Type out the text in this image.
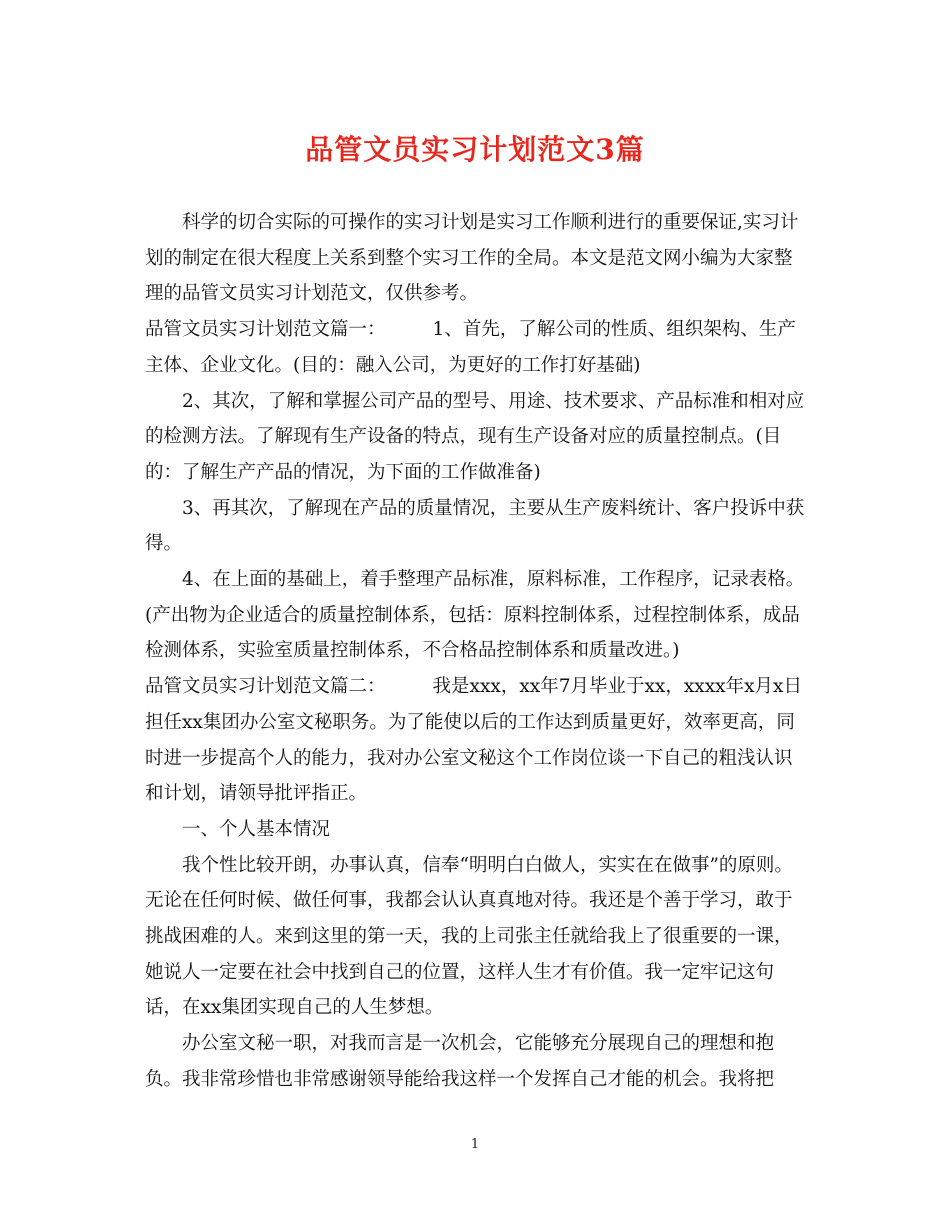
品管文员实习计划范文3篇

科学的切合实际的可操作的实习计划是实习工作顺利进行的重要保证,实习计划的制定在很大程度上关系到整个实习工作的全局。本文是范文网小编为大家整理的品管文员实习计划范文，仅供参考。

品管文员实习计划范文篇一：        1、首先，了解公司的性质、组织架构、生产主体、企业文化。(目的：融入公司，为更好的工作打好基础)

2、其次，了解和掌握公司产品的型号、用途、技术要求、产品标准和相对应的检测方法。了解现有生产设备的特点，现有生产设备对应的质量控制点。(目的：了解生产产品的情况，为下面的工作做准备)

3、再其次，了解现在产品的质量情况，主要从生产废料统计、客户投诉中获得。

4、在上面的基础上，着手整理产品标准，原料标准，工作程序，记录表格。(产出物为企业适合的质量控制体系，包括：原料控制体系，过程控制体系，成品检测体系，实验室质量控制体系，不合格品控制体系和质量改进。)

品管文员实习计划范文篇二：        我是xxx，xx年7月毕业于xx，xxxx年x月x日担任xx集团办公室文秘职务。为了能使以后的工作达到质量更好，效率更高，同时进一步提高个人的能力，我对办公室文秘这个工作岗位谈一下自己的粗浅认识和计划，请领导批评指正。

一、个人基本情况

我个性比较开朗，办事认真，信奉“明明白白做人，实实在在做事”的原则。无论在任何时候、做任何事，我都会认认真真地对待。我还是个善于学习，敢于挑战困难的人。来到这里的第一天，我的上司张主任就给我上了很重要的一课，她说人一定要在社会中找到自己的位置，这样人生才有价值。我一定牢记这句话，在xx集团实现自己的人生梦想。

办公室文秘一职，对我而言是一次机会，它能够充分展现自己的理想和抱负。我非常珍惜也非常感谢领导能给我这样一个发挥自己才能的机会。我将把

1
